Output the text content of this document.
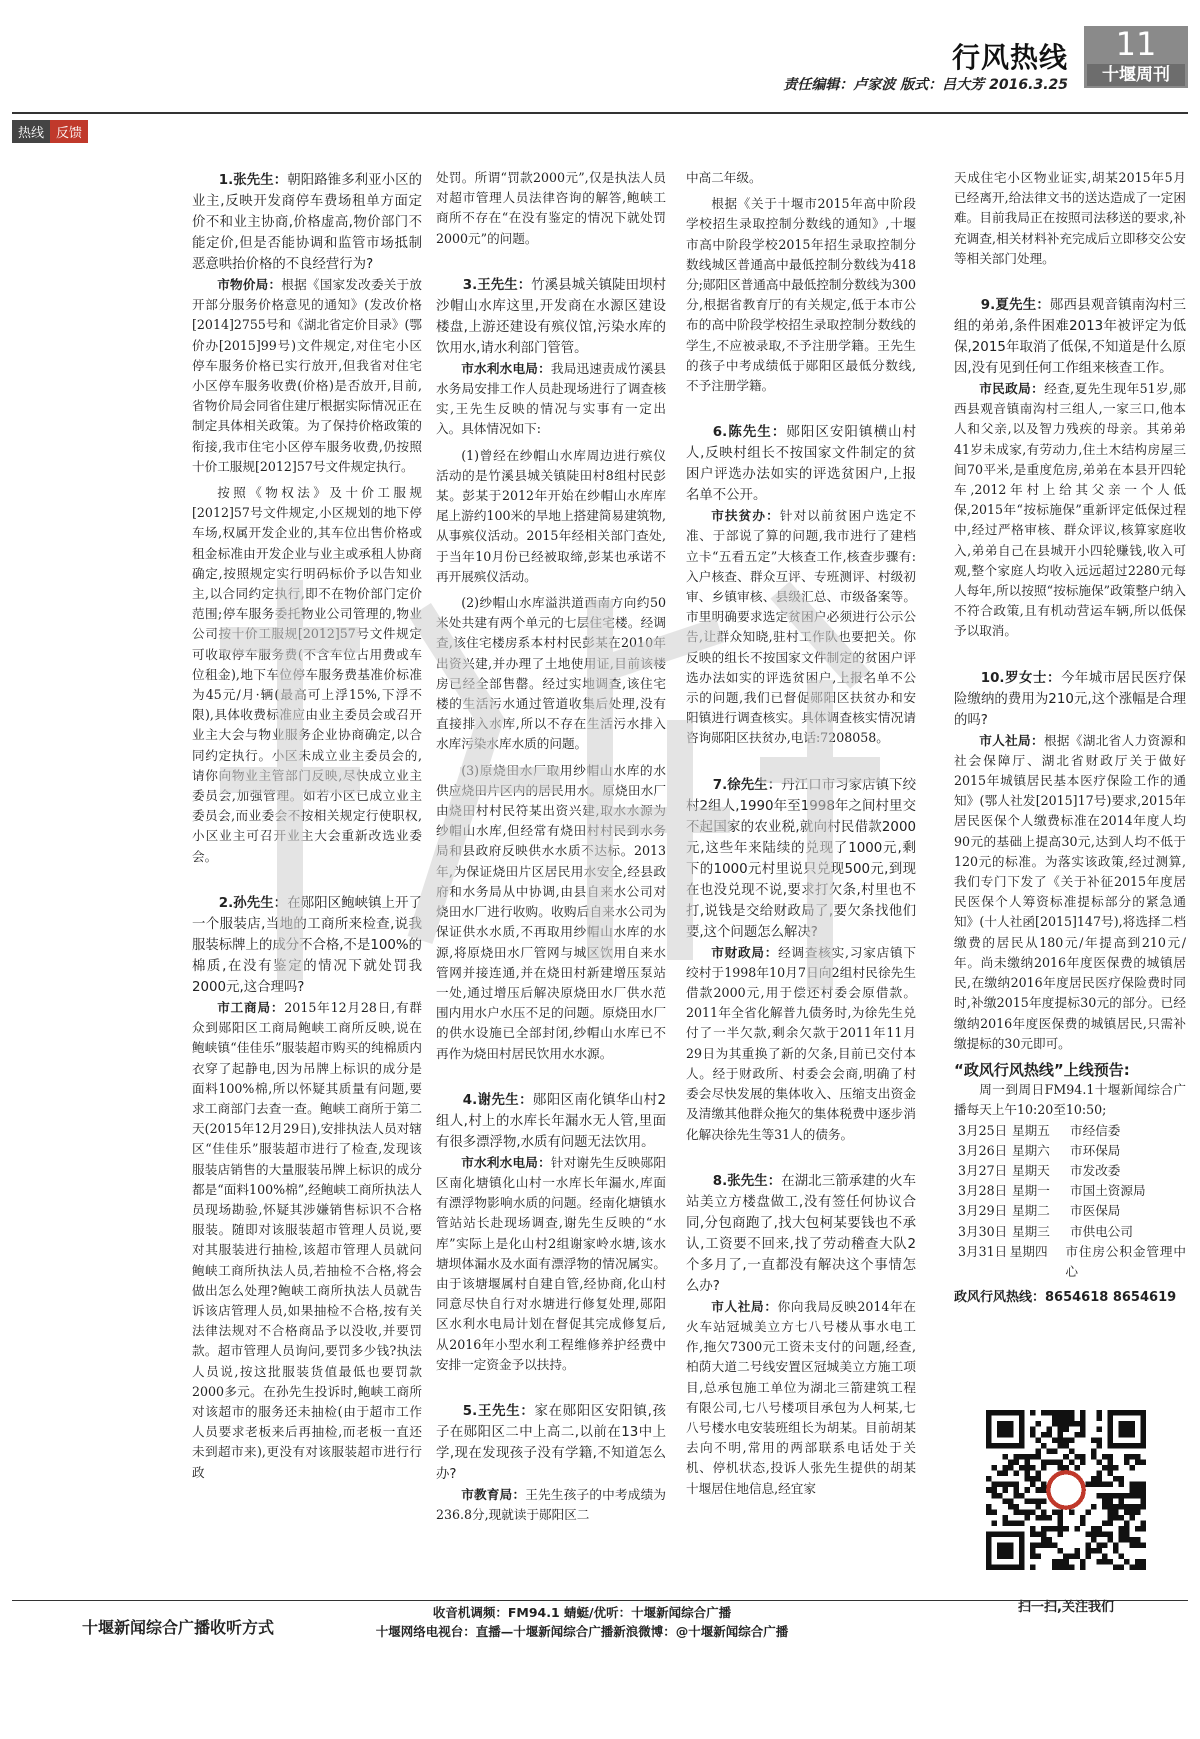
行风热线
责任编辑：卢家波 版式：吕大芳 2016.3.25
11
十堰周刊
热线 反馈

1.张先生：朝阳路锥多利亚小区的业主,反映开发商停车费场租单方面定价不和业主协商,价格虚高,物价部门不能定价,但是否能协调和监管市场抵制恶意哄抬价格的不良经营行为?

市物价局：根据《国家发改委关于放开部分服务价格意见的通知》(发改价格[2014]2755号和《湖北省定价目录》(鄂价办[2015]99号)文件规定,对住宅小区停车服务价格已实行放开,但我省对住宅小区停车服务收费(价格)是否放开,目前,省物价局会同省住建厅根据实际情况正在制定具体相关政策。为了保持价格政策的衔接,我市住宅小区停车服务收费,仍按照十价工服规[2012]57号文件规定执行。

按照《物权法》及十价工服规[2012]57号文件规定,小区规划的地下停车场,权属开发企业的,其车位出售价格或租金标准由开发企业与业主或承租人协商确定,按照规定实行明码标价予以告知业主,以合同约定执行,即不在物价部门定价范围;停车服务委托物业公司管理的,物业公司按十价工服规[2012]57号文件规定可收取停车服务费(不含车位占用费或车位租金),地下车位停车服务费基准价标准为45元/月·辆(最高可上浮15%,下浮不限),具体收费标准应由业主委员会或召开业主大会与物业服务企业协商确定,以合同约定执行。小区未成立业主委员会的,请你向物业主管部门反映,尽快成立业主委员会,加强管理。如若小区已成立业主委员会,而业委会不按相关规定行使职权,小区业主可召开业主大会重新改选业委会。

2.孙先生：在郧阳区鲍峡镇上开了一个服装店,当地的工商所来检查,说我服装标牌上的成分不合格,不是100%的棉质,在没有鉴定的情况下就处罚我2000元,这合理吗?

市工商局：2015年12月28日,有群众到郧阳区工商局鲍峡工商所反映,说在鲍峡镇“佳佳乐”服装超市购买的纯棉质内衣穿了起静电,因为吊牌上标识的成分是面料100%棉,所以怀疑其质量有问题,要求工商部门去查一查。鲍峡工商所于第二天(2015年12月29日),安排执法人员对辖区“佳佳乐”服装超市进行了检查,发现该服装店销售的大量服装吊牌上标识的成分都是“面料100%棉”,经鲍峡工商所执法人员现场勘验,怀疑其涉嫌销售标识不合格服装。随即对该服装超市管理人员说,要对其服装进行抽检,该超市管理人员就问鲍峡工商所执法人员,若抽检不合格,将会做出怎么处理?鲍峡工商所执法人员就告诉该店管理人员,如果抽检不合格,按有关法律法规对不合格商品予以没收,并要罚款。超市管理人员询问,要罚多少钱?执法人员说,按这批服装货值最低也要罚款2000多元。在孙先生投诉时,鲍峡工商所对该超市的服务还未抽检(由于超市工作人员要求老板来后再抽检,而老板一直还未到超市来),更没有对该服装超市进行行政

处罚。所谓“罚款2000元”,仅是执法人员对超市管理人员法律咨询的解答,鲍峡工商所不存在“在没有鉴定的情况下就处罚2000元”的问题。

3.王先生：竹溪县城关镇陡田坝村沙帽山水库这里,开发商在水源区建设楼盘,上游还建设有殡仪馆,污染水库的饮用水,请水利部门管管。

市水利水电局：我局迅速责成竹溪县水务局安排工作人员赴现场进行了调查核实,王先生反映的情况与实事有一定出入。具体情况如下:

(1)曾经在纱帽山水库周边进行殡仪活动的是竹溪县城关镇陡田村8组村民彭某。彭某于2012年开始在纱帽山水库库尾上游约100米的旱地上搭建简易建筑物,从事殡仪活动。2015年经相关部门查处,于当年10月份已经被取缔,彭某也承诺不再开展殡仪活动。

(2)纱帽山水库溢洪道西南方向约50米处共建有两个单元的七层住宅楼。经调查,该住宅楼房系本村村民彭某在2010年出资兴建,并办理了土地使用证,目前该楼房已经全部售罄。经过实地调查,该住宅楼的生活污水通过管道收集后处理,没有直接排入水库,所以不存在生活污水排入水库污染水库水质的问题。

(3)原烧田水厂取用纱帽山水库的水供应烧田片区内的居民用水。原烧田水厂由烧田村村民符某出资兴建,取水水源为纱帽山水库,但经常有烧田村村民到水务局和县政府反映供水水质不达标。2013年,为保证烧田片区居民用水安全,经县政府和水务局从中协调,由县自来水公司对烧田水厂进行收购。收购后自来水公司为保证供水水质,不再取用纱帽山水库的水源,将原烧田水厂管网与城区饮用自来水管网并接连通,并在烧田村新建增压泵站一处,通过增压后解决原烧田水厂供水范围内用水户水压不足的问题。原烧田水厂的供水设施已全部封闭,纱帽山水库已不再作为烧田村居民饮用水水源。

4.谢先生：郧阳区南化镇华山村2组人,村上的水库长年漏水无人管,里面有很多漂浮物,水质有问题无法饮用。

市水利水电局：针对谢先生反映郧阳区南化塘镇化山村一水库长年漏水,库面有漂浮物影响水质的问题。经南化塘镇水管站站长赴现场调查,谢先生反映的“水库”实际上是化山村2组谢家岭水塘,该水塘坝体漏水及水面有漂浮物的情况属实。由于该塘堰属村自建自管,经协商,化山村同意尽快自行对水塘进行修复处理,郧阳区水利水电局计划在督促其完成修复后,从2016年小型水利工程维修养护经费中安排一定资金予以扶持。

5.王先生：家在郧阳区安阳镇,孩子在郧阳区二中上高二,以前在13中上学,现在发现孩子没有学籍,不知道怎么办?

市教育局：王先生孩子的中考成绩为236.8分,现就读于郧阳区二

中高二年级。

根据《关于十堰市2015年高中阶段学校招生录取控制分数线的通知》,十堰市高中阶段学校2015年招生录取控制分数线城区普通高中最低控制分数线为418分;郧阳区普通高中最低控制分数线为300分,根据省教育厅的有关规定,低于本市公布的高中阶段学校招生录取控制分数线的学生,不应被录取,不予注册学籍。王先生的孩子中考成绩低于郧阳区最低分数线,不予注册学籍。

6.陈先生：郧阳区安阳镇横山村人,反映村组长不按国家文件制定的贫困户评选办法如实的评选贫困户,上报名单不公开。

市扶贫办：针对以前贫困户选定不准、于部说了算的问题,我市进行了建档立卡“五看五定”大核查工作,核查步骤有:入户核查、群众互评、专班测评、村级初审、乡镇审核、县级汇总、市级备案等。市里明确要求选定贫困户必须进行公示公告,让群众知晓,驻村工作队也要把关。你反映的组长不按国家文件制定的贫困户评选办法如实的评选贫困户,上报名单不公示的问题,我们已督促郧阳区扶贫办和安阳镇进行调查核实。具体调查核实情况请咨询郧阳区扶贫办,电话:7208058。

7.徐先生：丹江口市习家店镇下绞村2组人,1990年至1998年之间村里交不起国家的农业税,就向村民借款2000元,这些年来陆续的兑现了1000元,剩下的1000元村里说只兑现500元,到现在也没兑现不说,要求打欠条,村里也不打,说钱是交给财政局了,要欠条找他们要,这个问题怎么解决?

市财政局：经调查核实,习家店镇下绞村于1998年10月7日向2组村民徐先生借款2000元,用于偿还村委会原借款。2011年全省化解普九债务时,为徐先生兑付了一半欠款,剩余欠款于2011年11月29日为其重换了新的欠条,目前已交付本人。经于财政所、村委会会商,明确了村委会尽快发展的集体收入、压缩支出资金及清缴其他群众拖欠的集体税费中逐步消化解决徐先生等31人的债务。

8.张先生：在湖北三箭承建的火车站美立方楼盘做工,没有签任何协议合同,分包商跑了,找大包柯某要钱也不承认,工资要不回来,找了劳动稽查大队2个多月了,一直都没有解决这个事情怎么办?

市人社局：你向我局反映2014年在火车站冠城美立方七八号楼从事水电工作,拖欠7300元工资未支付的问题,经查,柏荫大道二号线安置区冠城美立方施工项目,总承包施工单位为湖北三箭建筑工程有限公司,七八号楼项目承包为人柯某,七八号楼水电安装班组长为胡某。目前胡某去向不明,常用的两部联系电话处于关机、停机状态,投诉人张先生提供的胡某十堰居住地信息,经宜家

天成住宅小区物业证实,胡某2015年5月已经离开,给法律文书的送达造成了一定困难。目前我局正在按照司法移送的要求,补充调查,相关材料补充完成后立即移交公安等相关部门处理。

9.夏先生：郧西县观音镇南沟村三组的弟弟,条件困难2013年被评定为低保,2015年取消了低保,不知道是什么原因,没有见到任何工作组来核查工作。

市民政局：经查,夏先生现年51岁,郧西县观音镇南沟村三组人,一家三口,他本人和父亲,以及智力残疾的母亲。其弟弟41岁未成家,有劳动力,住土木结构房屋三间70平米,是重度危房,弟弟在本县开四轮车,2012年村上给其父亲一个人低保,2015年“按标施保”重新评定低保过程中,经过严格审核、群众评议,核算家庭收入,弟弟自己在县城开小四轮赚钱,收入可观,整个家庭人均收入远远超过2280元每人每年,所以按照“按标施保”政策整户纳入不符合政策,且有机动营运车辆,所以低保予以取消。

10.罗女士：今年城市居民医疗保险缴纳的费用为210元,这个涨幅是合理的吗?

市人社局：根据《湖北省人力资源和社会保障厅、湖北省财政厅关于做好2015年城镇居民基本医疗保险工作的通知》(鄂人社发[2015]17号)要求,2015年居民医保个人缴费标准在2014年度人均90元的基础上提高30元,达到人均不低于120元的标准。为落实该政策,经过测算,我们专门下发了《关于补征2015年度居民医保个人筹资标准提标部分的紧急通知》(十人社函[2015]147号),将选择二档缴费的居民从180元/年提高到210元/年。尚未缴纳2016年度医保费的城镇居民,在缴纳2016年度居民医疗保险费时同时,补缴2015年度提标30元的部分。已经缴纳2016年度医保费的城镇居民,只需补缴提标的30元即可。

“政风行风热线”上线预告:

周一到周日FM94.1十堰新闻综合广播每天上午10:20至10:50;

3月25日 星期五	市经信委
3月26日 星期六	市环保局
3月27日 星期天	市发改委
3月28日 星期一	市国土资源局
3月29日 星期二	市医保局
3月30日 星期三	市供电公司
3月31日 星期四	市住房公积金管理中心
政风行风热线：8654618 8654619
扫一扫,关注我们
十堰新闻综合广播收听方式
收音机调频：FM94.1 蜻蜓/优听：十堰新闻综合广播
十堰网络电视台：直播—十堰新闻综合广播新浪微博：@十堰新闻综合广播
